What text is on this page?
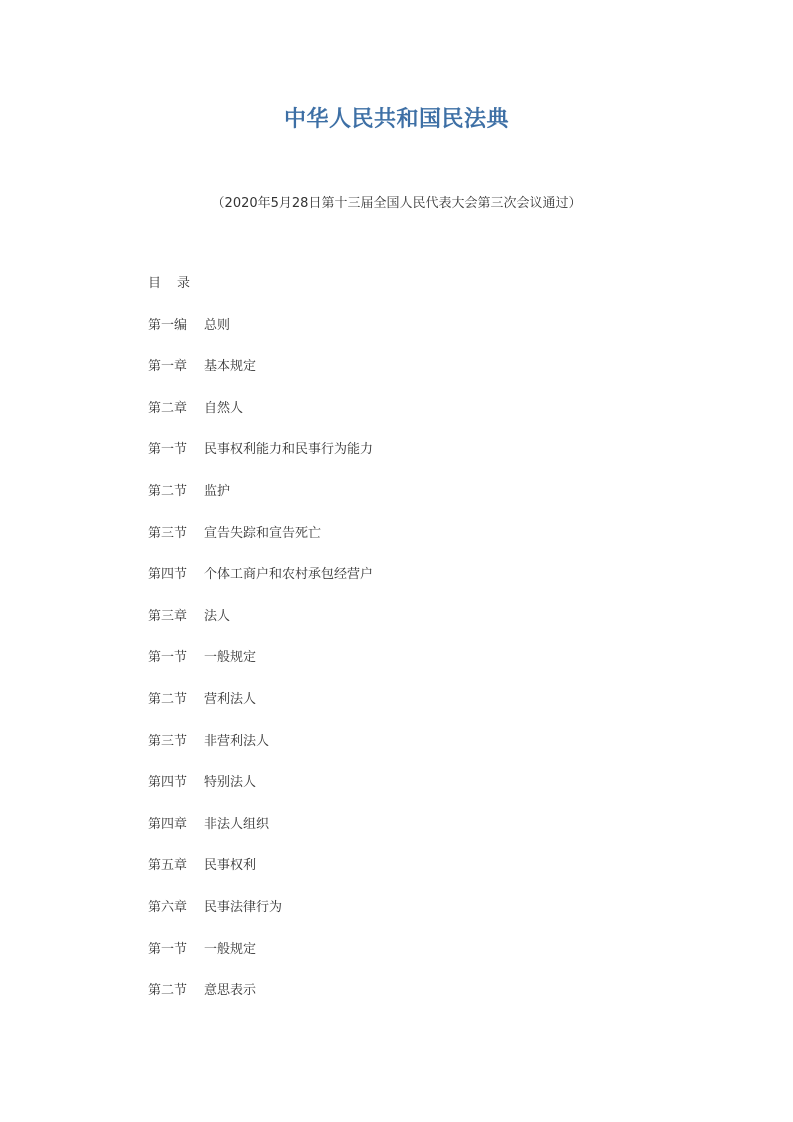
中华人民共和国民法典

（2020年5月28日第十三届全国人民代表大会第三次会议通过）

目 录
第一编 总则
第一章 基本规定
第二章 自然人
第一节 民事权利能力和民事行为能力
第二节 监护
第三节 宣告失踪和宣告死亡
第四节 个体工商户和农村承包经营户
第三章 法人
第一节 一般规定
第二节 营利法人
第三节 非营利法人
第四节 特别法人
第四章 非法人组织
第五章 民事权利
第六章 民事法律行为
第一节 一般规定
第二节 意思表示
